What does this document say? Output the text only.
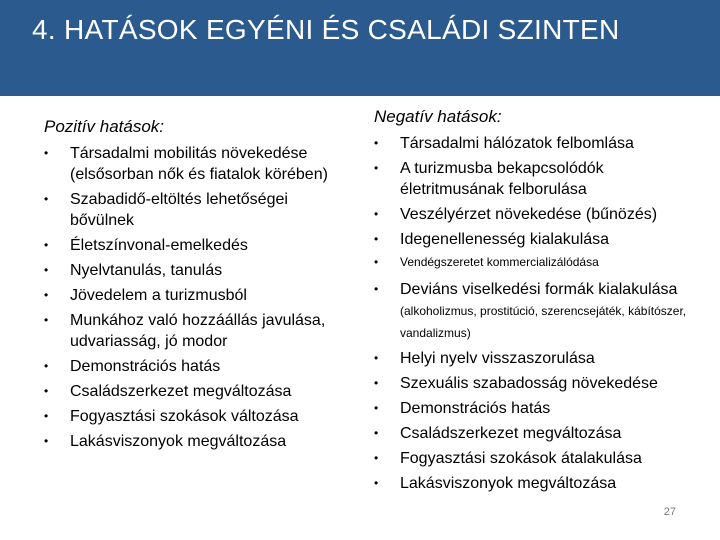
4. HATÁSOK EGYÉNI ÉS CSALÁDI SZINTEN
Pozitív hatások:
• Társadalmi mobilitás növekedése (elsősorban nők és fiatalok körében)
• Szabadidő-eltöltés lehetőségei bővülnek
• Életszínvonal-emelkedés
• Nyelvtanulás, tanulás
• Jövedelem a turizmusból
• Munkához való hozzáállás javulása, udvariasság, jó modor
• Demonstrációs hatás
• Családszerkezet megváltozása
• Fogyasztási szokások változása
• Lakásviszonyok megváltozása
Negatív hatások:
• Társadalmi hálózatok felbomlása
• A turizmusba bekapcsolódók életritmusának felborulása
• Veszélyérzet növekedése (bűnözés)
• Idegenellenesség kialakulása
• Vendégszeretet kommercializálódása
• Deviáns viselkedési formák kialakulása (alkoholizmus, prostitúció, szerencsejáték, kábítószer, vandalizmus)
• Helyi nyelv visszaszorulása
• Szexuális szabadosság növekedése
• Demonstrációs hatás
• Családszerkezet megváltozása
• Fogyasztási szokások átalakulása
• Lakásviszonyok megváltozása
27
